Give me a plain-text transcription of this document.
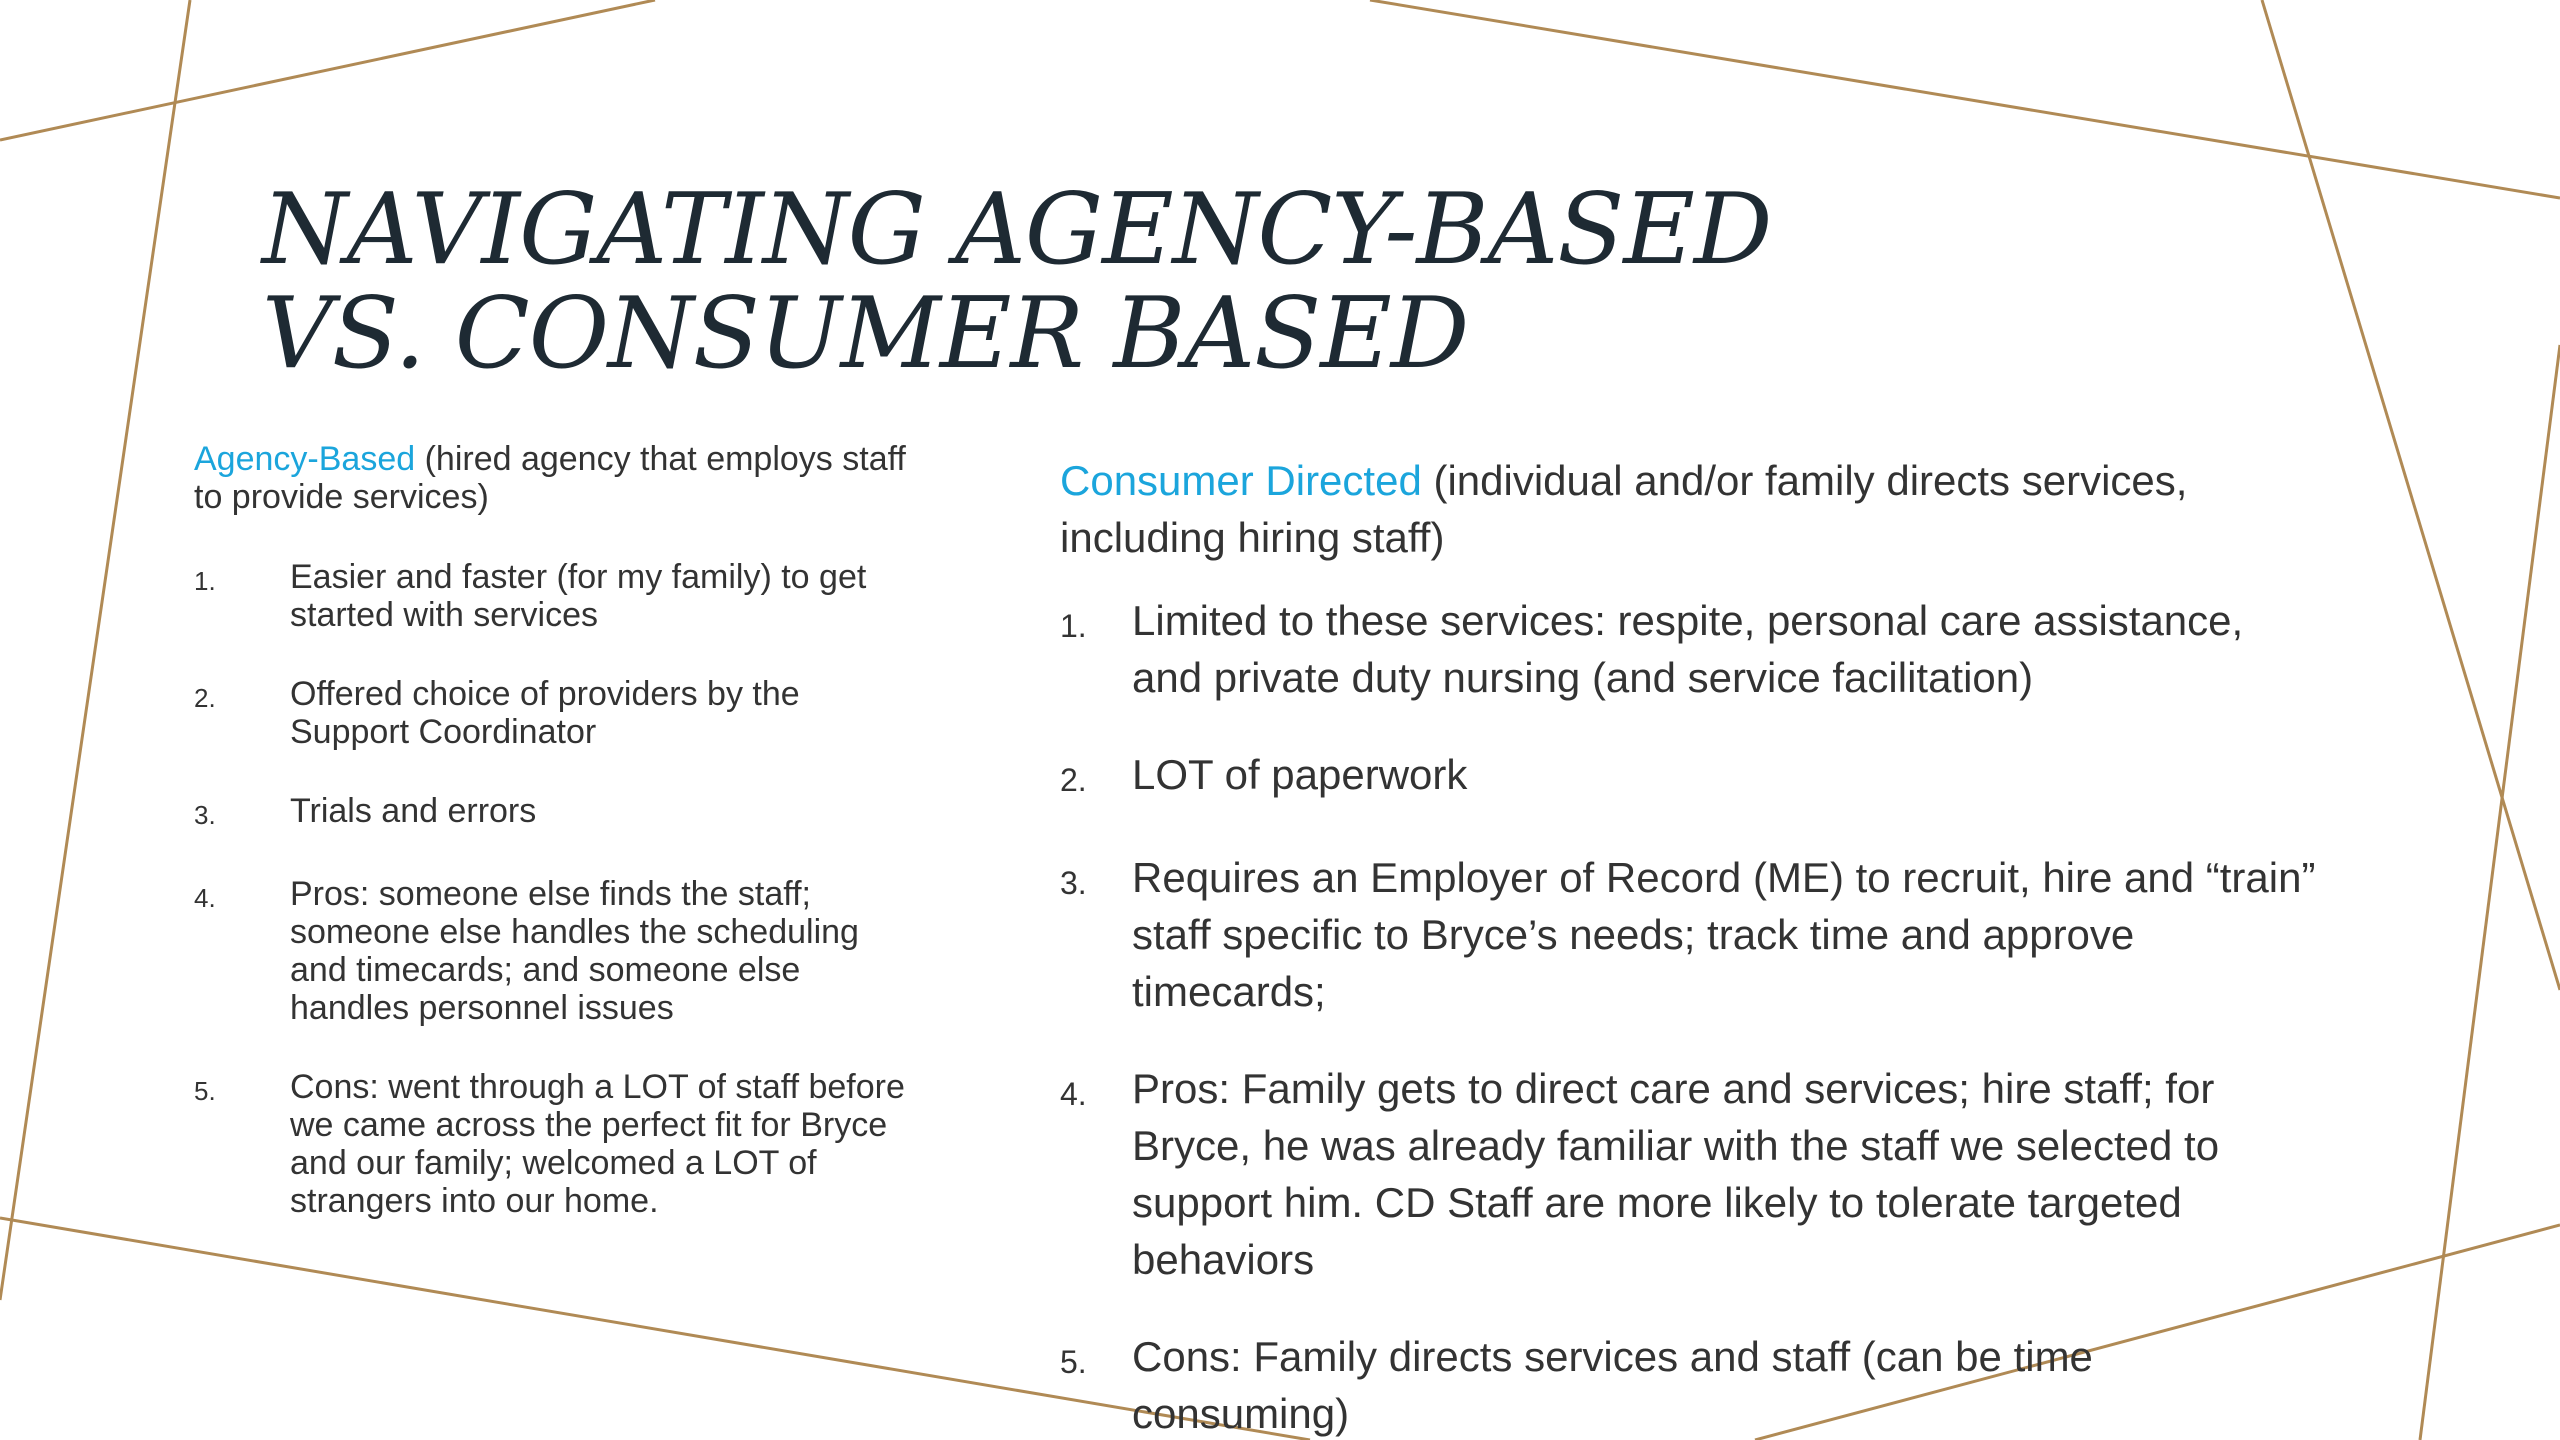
NAVIGATING AGENCY-BASED VS. CONSUMER BASED

Agency-Based (hired agency that employs staff to provide services)

1.	Easier and faster (for my family) to get started with services
2.	Offered choice of providers by the Support Coordinator
3.	Trials and errors
4.	Pros: someone else finds the staff; someone else handles the scheduling and timecards; and someone else handles personnel issues
5.	Cons: went through a LOT of staff before we came across the perfect fit for Bryce and our family; welcomed a LOT of strangers into our home.

Consumer Directed (individual and/or family directs services, including hiring staff)

1.	Limited to these services: respite, personal care assistance, and private duty nursing (and service facilitation)
2.	LOT of paperwork
3.	Requires an Employer of Record (ME) to recruit, hire and “train” staff specific to Bryce’s needs; track time and approve timecards;
4.	Pros: Family gets to direct care and services; hire staff; for Bryce, he was already familiar with the staff we selected to support him. CD Staff are more likely to tolerate targeted behaviors
5.	Cons: Family directs services and staff (can be time consuming)
